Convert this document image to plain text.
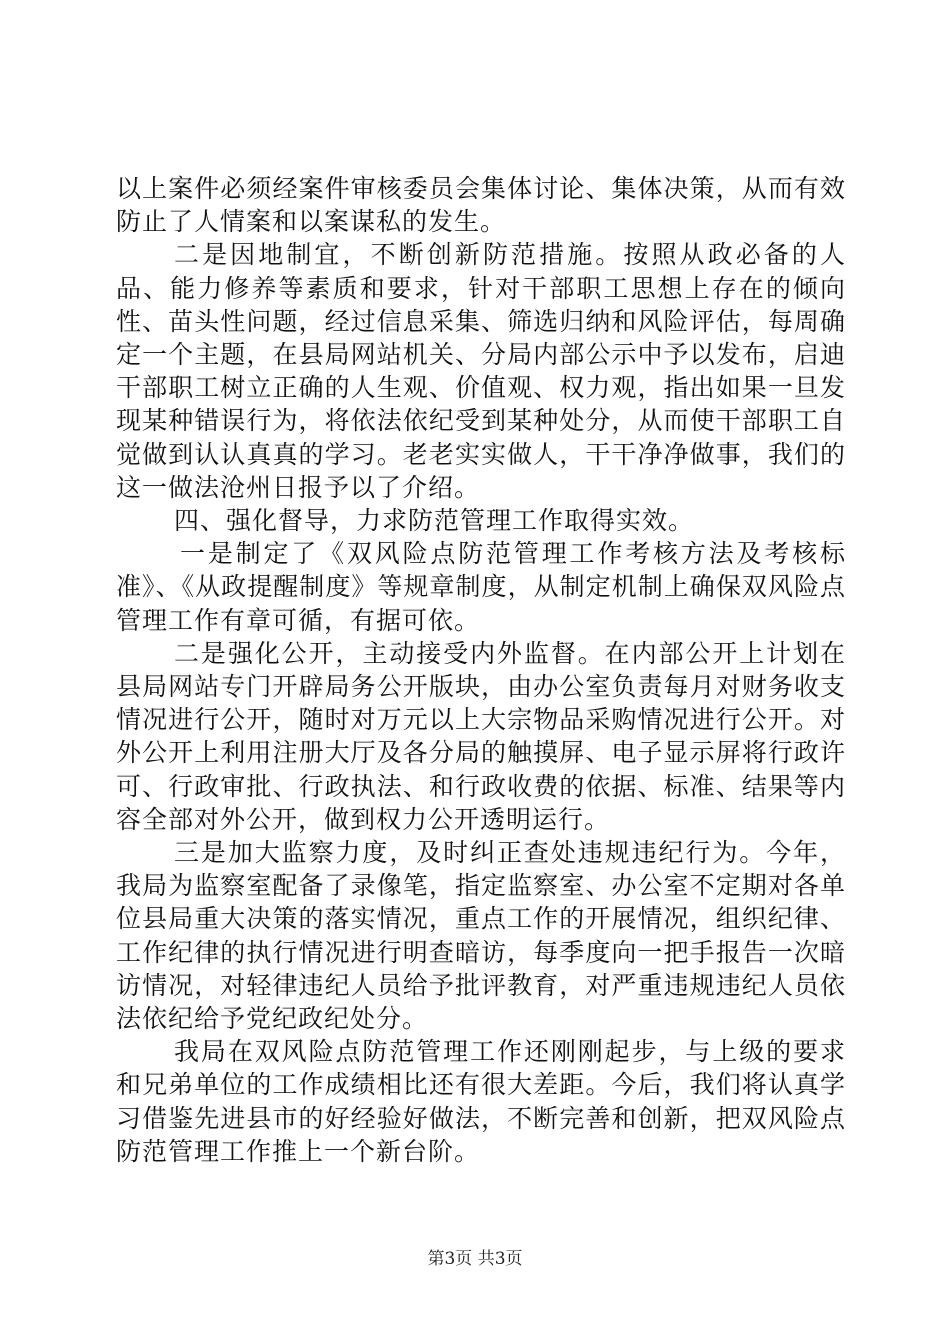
以上案件必须经案件审核委员会集体讨论、集体决策，从而有效防止了人情案和以案谋私的发生。

二是因地制宜，不断创新防范措施。按照从政必备的人品、能力修养等素质和要求，针对干部职工思想上存在的倾向性、苗头性问题，经过信息采集、筛选归纳和风险评估，每周确定一个主题，在县局网站机关、分局内部公示中予以发布，启迪干部职工树立正确的人生观、价值观、权力观，指出如果一旦发现某种错误行为，将依法依纪受到某种处分，从而使干部职工自觉做到认认真真的学习。老老实实做人，干干净净做事，我们的这一做法沧州日报予以了介绍。

四、强化督导，力求防范管理工作取得实效。

一是制定了《双风险点防范管理工作考核方法及考核标准》、《从政提醒制度》等规章制度，从制定机制上确保双风险点管理工作有章可循，有据可依。

二是强化公开，主动接受内外监督。在内部公开上计划在县局网站专门开辟局务公开版块，由办公室负责每月对财务收支情况进行公开，随时对万元以上大宗物品采购情况进行公开。对外公开上利用注册大厅及各分局的触摸屏、电子显示屏将行政许可、行政审批、行政执法、和行政收费的依据、标准、结果等内容全部对外公开，做到权力公开透明运行。

三是加大监察力度，及时纠正查处违规违纪行为。今年，我局为监察室配备了录像笔，指定监察室、办公室不定期对各单位县局重大决策的落实情况，重点工作的开展情况，组织纪律、工作纪律的执行情况进行明查暗访，每季度向一把手报告一次暗访情况，对轻律违纪人员给予批评教育，对严重违规违纪人员依法依纪给予党纪政纪处分。

我局在双风险点防范管理工作还刚刚起步，与上级的要求和兄弟单位的工作成绩相比还有很大差距。今后，我们将认真学习借鉴先进县市的好经验好做法，不断完善和创新，把双风险点防范管理工作推上一个新台阶。

第3页 共3页
